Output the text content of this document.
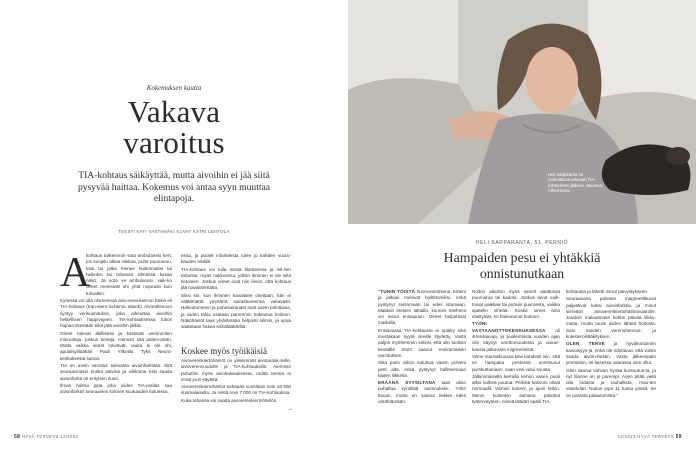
Kokemuksen kautta
Vakava
varoitus
TIA-kohtaus säikäyttää, mutta aivoihin ei jää siitä pysyvää haittaa. Kokemus voi antaa syyn muuttaa elintapoja.
TEKSTI KATI VASTAMÄKI KUVAT KATRI LEHTOLA
A

kohtaus tarkemmin sota ambulanssi hert, jos suojelu alkaa viikkoa, puhe puuroutuu, käsi tai jalka menee hoitimmaksi tai heikoksi tai toisessa silmässä kasaa näkö. Ja sota ve ambulanssi. vaik-ka oireet menisivät ohi yhtä nopeasti kuin tulivatkin.

Kysessä voi olla ohimenevä aivo-verenkierron häiriö eli TIA-kohtaus (tran-sient ischemic attack). Aivoraltimoon syntyy verisuonitukos, joka aiheuttaa aivoihin hetkellisen happivajeen. TIA-kohtauksessa tukos hajoaa itsestään eikä jätä aivoihin jälkiä.

Oireet tulevat äkillisesti ja kestävät useimmiten minuutteja, joskus tunteja. Harvoin sitä pidem-pään. Mutta vaikka oireet häviävät, vaara ei ole ohi, apulaisylilääkäri Pauli Ylikotila Tyks Neuro-keskuksesta sanoo.

TIA on usein varoitus tulevasta aivoinfarktista. Sitä seuraavinakin koska päivinä ja viikkoina riski saada aivoinfarkti on erityisen suuri.

Ilman hoitoa jopa joka viides TIA-potilas saa aivoinfarktin seuraavien kolmen kuukauden kuluessa.

essa, ja puolet infarkteista tulee jo kahden vuoro-kauden sisällä.

TIA-kohtaus voi tulla missä tilanteessa ja mil-loin tahansa, myös nukkuessa, jolloin ihminen ei ole siitä tietoinen. Joskus oireet ovat niin lieviä, että kohtaus jää havaitsematta.

Siksi kin, kun ihminen havaitsee oireitaan, hän ei välttämättä ymmärrä sairastuneensa vakavasti. Hakeutuminen ja puhesairaudet ovat usein pelottavia, ja niiden takia osataan paremmin hakeutua hoitoon. Näköhäiriöt taas yhdistetään helposti silmiin, ja apua saatetaan hakea silmälääkäriltä.

Koskee myös työikäisiä

Aivoverenkiertohäiriöt on yleisimmät aivotautuk-selle, aivoverenvuodolle ja TIA-kohtauksille. Aiemmin puhuttiin myös aivohalvauksesta, mutta termiä ei enää juuri käytetä.

Aivoverenkiertohäiriöt todetaan vuosittain noin 18 000 suomalaisella. Ja niistä noin 7 000 on TIA-kohtauksia.

Kuka tahansa voi saada aivoverenkiertohäiriön.

→
58 HYVÄ TERVEYS 12/2023
Heli Sarparanta on rauhoittunut arkeaan TIA-kohtauksen jälkeen. Seurana Alfred-koira.
HELI SARPARANTA, 51, PERNIÖ
Hampaiden pesu ei yhtäkkiä onnistunutkaan

"TUNIN TÖISTÄ huonovointisena. Käteni ja jalkani menivät hoiltittomiksi, enkä pystynyt seisomaan tai edes istumaan. Matasin eteisen lattialla, kunnes miehemi vei minut ensiapuun. Oireet helpottivat matkalla.

Ensiavussa TIA-kohtausta ei epäilty eikä mustakaan syytä oireille löydetty. Vasta paljon myöhemmin selvisi, että olin tuolloin keväällä 2023 saanut ensimmäisen varoituksen.

Siitä parin viikon kuluttua vasen polveni petti alta, enkä pystynyt hallitsemaan käden liikkeitä.

ERÄÄNÄ SYYSILTANA taas aloin puhaltaa kynttilää sammuksiin. Yritin kauan, mutta en saanut liekkiä edes värähtämään.

Noihin aikoihin myös sanerl saattoivat puuroutua tai kadota. Joskus tavut vaih-toivat paikkaa tai puhuin puuroesta, vaikka ajattelin viheää. Koska oireet aina väistyivät, en hakeutunut hoitoon.

TYÖNI VASTAANOTTOKESKUKSESSA oli stressaavaa, ja puolentoista vuoden ajan olin käynyt unettomuudesta ja uuvan-kausia jatkuvista migreeneistä.

Viime marraskuussa kävi kahdesti niin, että en hampaita pestessä onnistunut purskuttamaan, vaan vesi valui suusta.

Jälkimmäisellä kerralla kehon vasen puoli alkoi kulkea puutua. Peilistä kasvoni olivat normaalit. Voimini kohenl, ja ajoin töihin. Menin kuitenkin samana päivänä työterveyteen, missä lääkäri epäili TIA-

kohtausta ja lähetti minut päivystykseen.

Seuraavana päivänä magneettikuvat paljastivat kaksi aivoinfarktia, ja minut siirrettiin aivoverenkiertohäiriöosastolle. Jouduin makaamaan kolme päivää liikku-matta, mutta tuulin niiden lähteä hoitosta. Sain mieden verenohennus- ja kolesterolilääkityksen.

OLEN TERVE ja hyväkuntoinen kavioisyyö-jä, enkä ole odottanut, että voisin saada aivoin-farktin. Vasta jälkeenpäin ymmärsin, mi-laisessa vaarassa olen ollut.

Olen saanut vahvan hyvää kuntoutus-ta, ja nyt tilanne on jo parempi. Arjen pitää vielä olla hidasta ja rauhallista, muu-ten väsähdän. Nukun jopa 11 tuntia yössä. Se on parasta palautumista."

12/2023 HYVÄ TERVEYS 59
